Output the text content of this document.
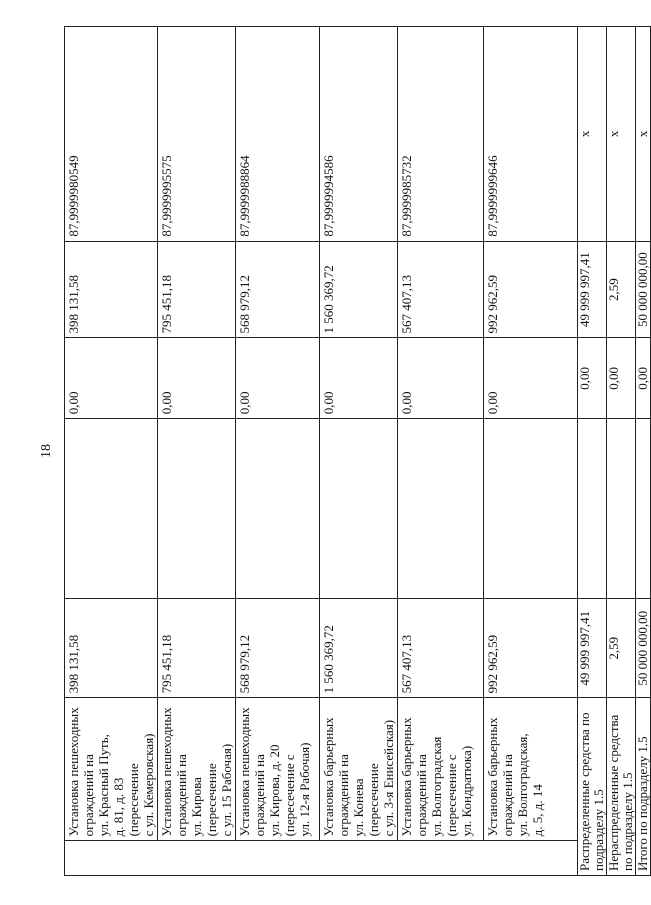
18
	Установка пешеходных
ограждений на
ул. Красный Путь,
д. 81, д. 83 (пересечение
с ул. Кемеровская)	398 131,58		0,00	398 131,58	87,9999980549
	Установка пешеходных
ограждений на
ул. Кирова (пересечение
с ул. 15 Рабочая)	795 451,18		0,00	795 451,18	87,9999995575
	Установка пешеходных
ограждений на
ул. Кирова, д. 20
(пересечение с
ул. 12-я Рабочая)	568 979,12		0,00	568 979,12	87,9999988864
	Установка барьерных
ограждений на
ул. Конева (пересечение
с ул. 3-я Енисейская)	1 560 369,72		0,00	1 560 369,72	87,9999994586
	Установка барьерных
ограждений на
ул. Волгоградская
(пересечение с
ул. Кондратюка)	567 407,13		0,00	567 407,13	87,9999985732
	Установка барьерных
ограждений на
ул. Волгоградская,
д. 5, д. 14	992 962,59		0,00	992 962,59	87,9999999646
Распределенные средства по подразделу 1.5		49 999 997,41		0,00	49 999 997,41	x
Нераспределенные средства по подразделу 1.5		2,59		0,00	2,59	x
Итого по подразделу 1.5		50 000 000,00		0,00	50 000 000,00	x
